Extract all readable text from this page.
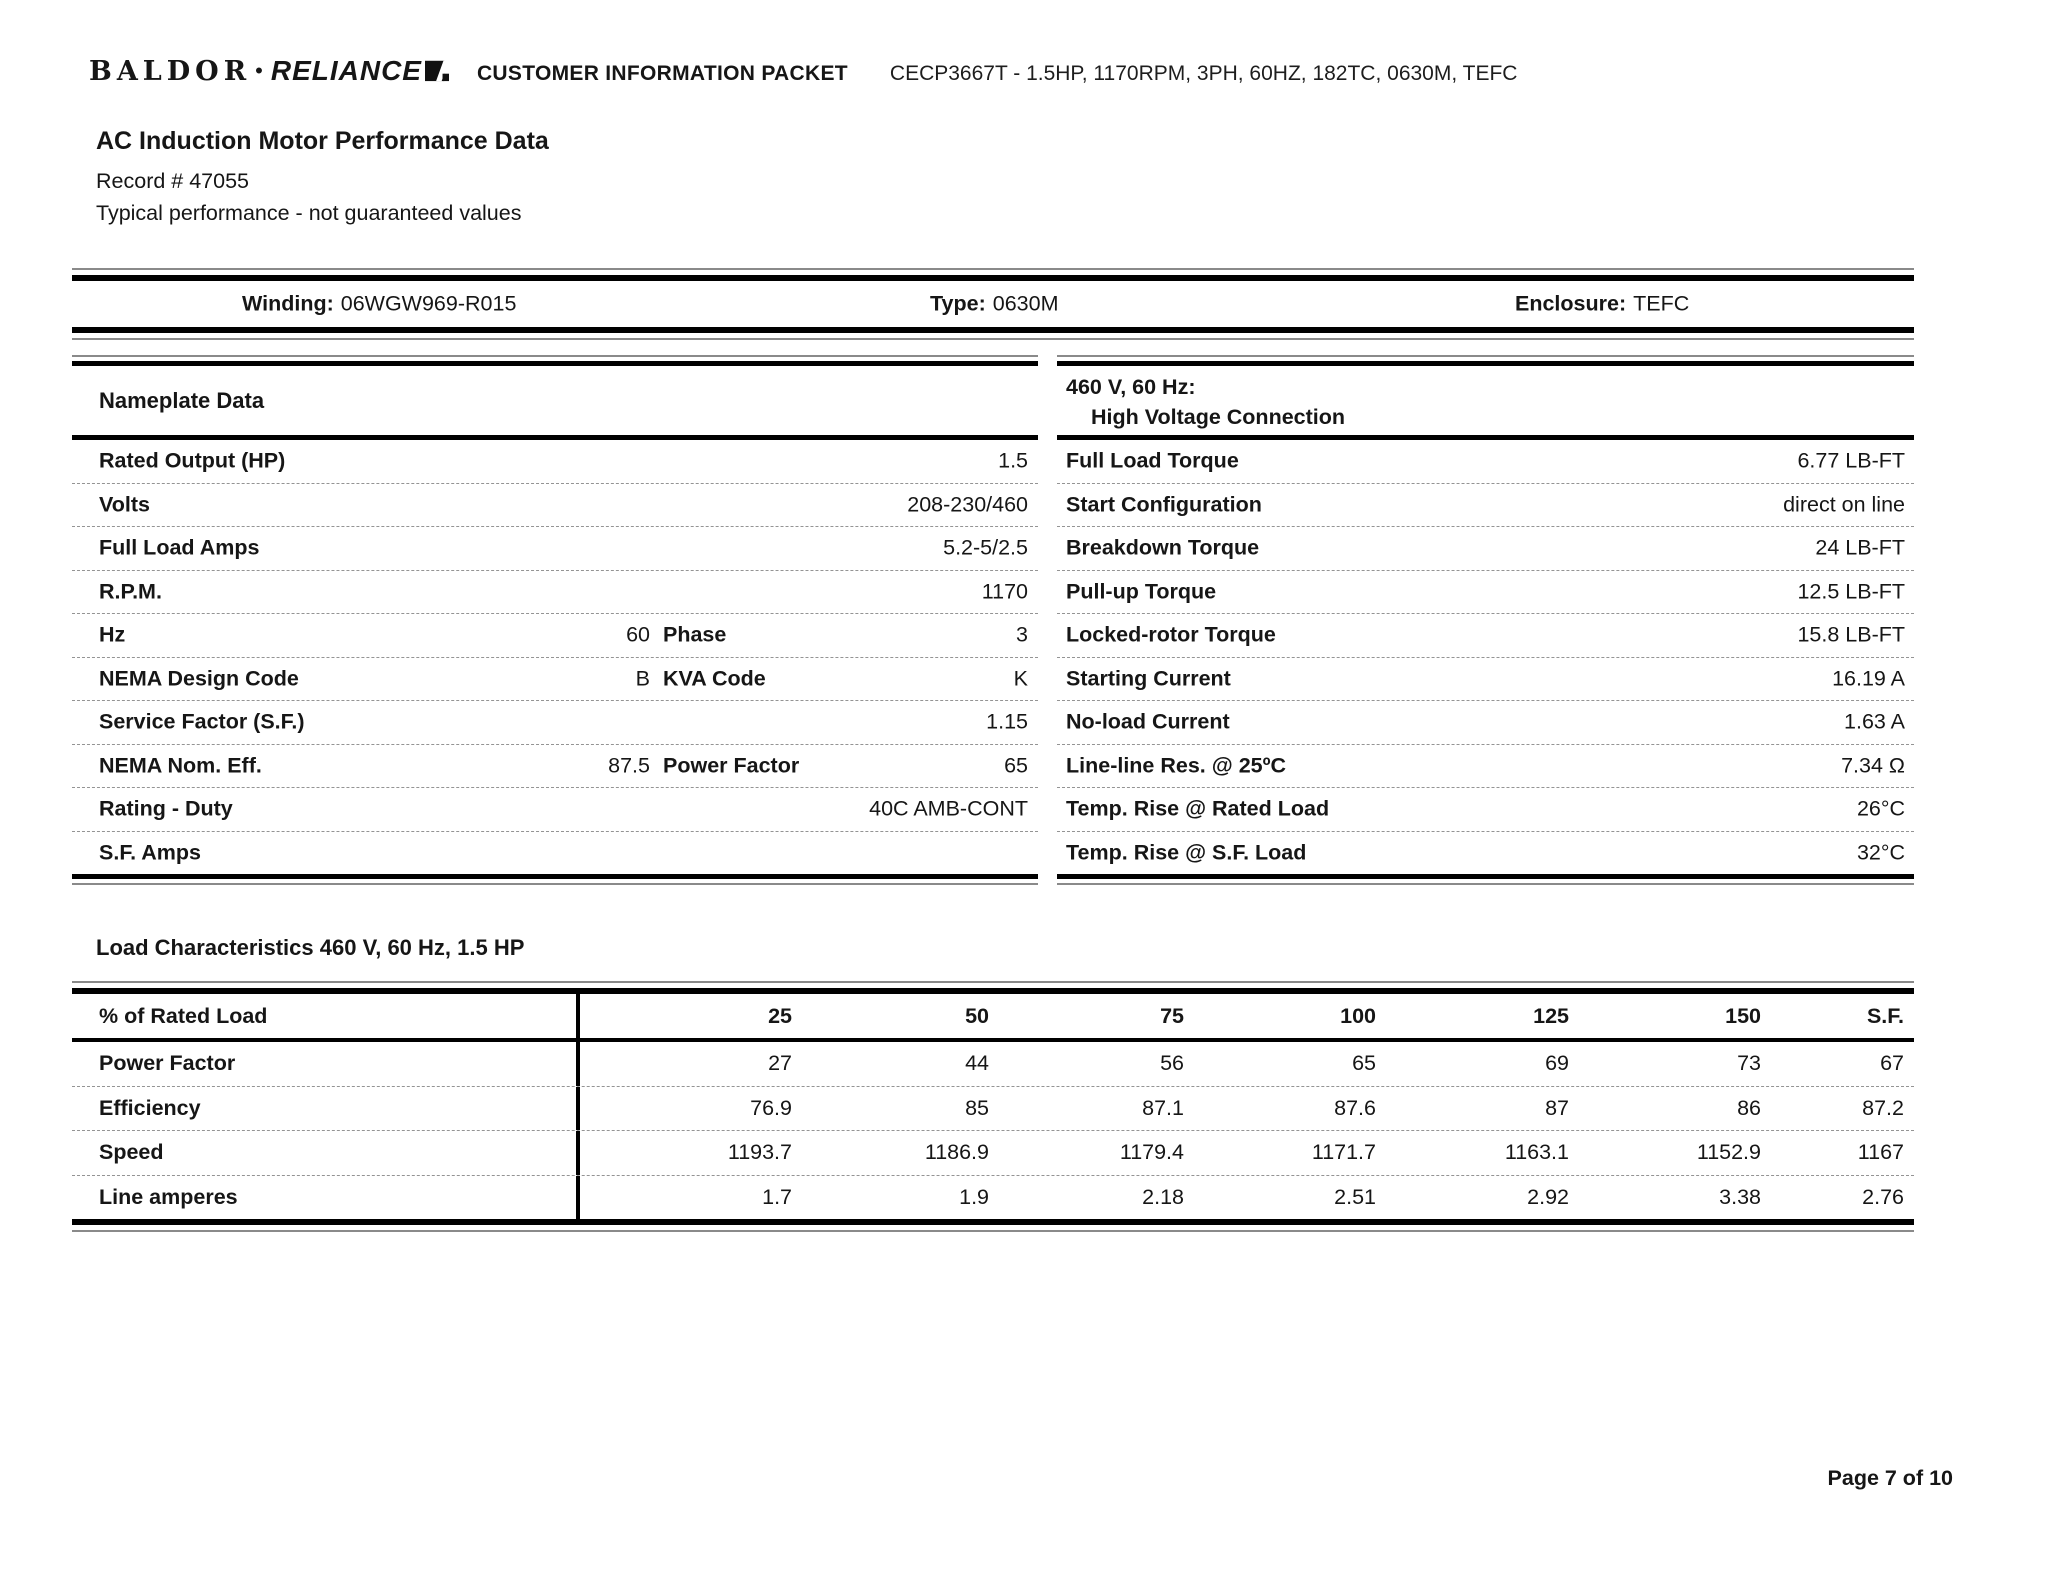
BALDOR • RELIANCE	CUSTOMER INFORMATION PACKET CECP3667T - 1.5HP, 1170RPM, 3PH, 60HZ, 182TC, 0630M, TEFC
AC Induction Motor Performance Data
Record # 47055
Typical performance - not guaranteed values
Winding: 06WGW969-R015	Type: 0630M	Enclosure: TEFC
Nameplate Data
Rated Output (HP)	1.5
Volts	208-230/460
Full Load Amps	5.2-5/2.5
R.P.M.	1170
Hz	60 Phase	3
NEMA Design Code	B KVA Code	K
Service Factor (S.F.)	1.15
NEMA Nom. Eff.	87.5 Power Factor	65
Rating - Duty	40C AMB-CONT
S.F. Amps
460 V, 60 Hz:
High Voltage Connection
Full Load Torque	6.77 LB-FT
Start Configuration	direct on line
Breakdown Torque	24 LB-FT
Pull-up Torque	12.5 LB-FT
Locked-rotor Torque	15.8 LB-FT
Starting Current	16.19 A
No-load Current	1.63 A
Line-line Res. @ 25ºC	7.34 Ω
Temp. Rise @ Rated Load	26°C
Temp. Rise @ S.F. Load	32°C
Load Characteristics 460 V, 60 Hz, 1.5 HP
% of Rated Load	25	50	75	100	125	150	S.F.
Power Factor	27	44	56	65	69	73	67
Efficiency	76.9	85	87.1	87.6	87	86	87.2
Speed	1193.7	1186.9	1179.4	1171.7	1163.1	1152.9	1167
Line amperes	1.7	1.9	2.18	2.51	2.92	3.38	2.76
Page 7 of 10
